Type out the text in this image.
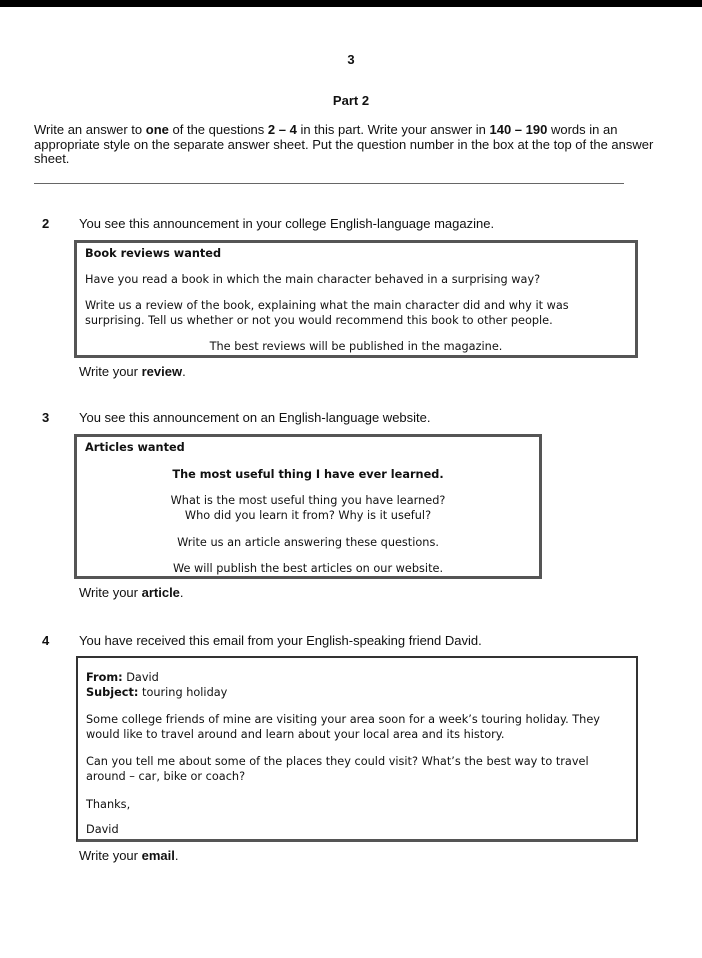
3
Part 2
Write an answer to one of the questions 2 – 4 in this part. Write your answer in 140 – 190 words in an appropriate style on the separate answer sheet. Put the question number in the box at the top of the answer sheet.
2 You see this announcement in your college English-language magazine.
Book reviews wanted
Have you read a book in which the main character behaved in a surprising way?
Write us a review of the book, explaining what the main character did and why it was surprising. Tell us whether or not you would recommend this book to other people.
The best reviews will be published in the magazine.
Write your review.
3 You see this announcement on an English-language website.
Articles wanted
The most useful thing I have ever learned.
What is the most useful thing you have learned?
Who did you learn it from? Why is it useful?
Write us an article answering these questions.
We will publish the best articles on our website.
Write your article.
4 You have received this email from your English-speaking friend David.
From: David
Subject: touring holiday
Some college friends of mine are visiting your area soon for a week’s touring holiday. They would like to travel around and learn about your local area and its history.
Can you tell me about some of the places they could visit? What’s the best way to travel around – car, bike or coach?
Thanks,
David
Write your email.
